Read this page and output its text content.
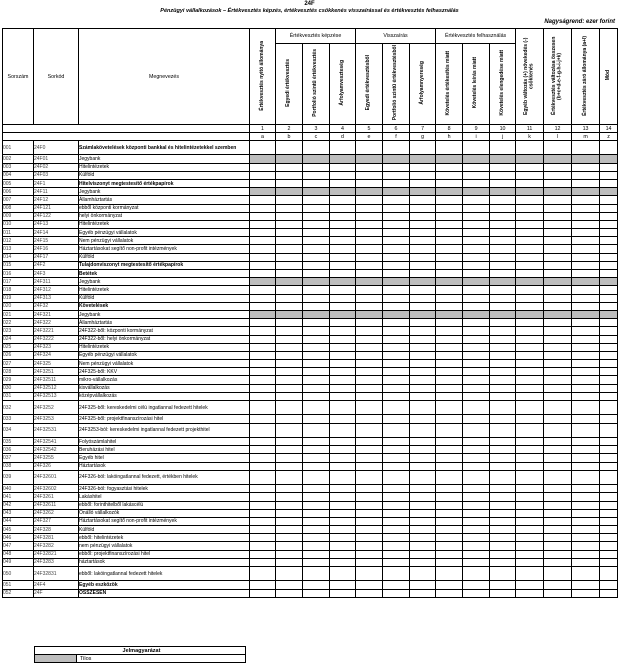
24F
Pénzügyi vállalkozások – Értékvesztés képzés, értékvesztés csökkenés visszaírással és értékvesztés felhasználás
Nagyságrend: ezer forint
Sorszám	Sorkód	Megnevezés	Értékvesztés nyitó állománya	Értékvesztés képzése			Visszaírás			Értékvesztés felhasználás			Egyéb változás (+) növekedés (-) csökkenés	Értékvesztés változása összesen (b+c+d-e-f-g-h-i-j+k)	Értékvesztés záró állománya (a+l)	Mód
				Egyedi értékvesztés	Portfolió szintű értékvesztés	Árfolyamveszteség	Egyedi értékvesztésből	Portfolió szintű értékvesztésből	Árfolyamnyereség	Követelés értékesítés miatt	Követelés leírás miatt	Követelés elengedése miatt				
			1	2	3	4	5	6	7	8	9	10	11	12	13	14
			a	b	c	d	e	f	g	h	i	j	k	l	m	z
001	24F0	Számlakövetelések központi bankkal és hitelintézetekkel szemben														
002	24F01	Jegybank														
003	24F02	Hitelintézetek														
004	24F03	Külföld														
005	24F1	Hitelviszonyt megtestesítő értékpapírok														
006	24F11	Jegybank														
007	24F12	Államháztartás														
008	24F121	ebből központi kormányzat														
009	24F122	helyi önkormányzat														
010	24F13	Hitelintézetek														
011	24F14	Egyéb pénzügyi vállalatok														
012	24F15	Nem pénzügyi vállalatok														
013	24F16	Háztartásokat segítő non-profit intézmények														
014	24F17	Külföld														
015	24F2	Tulajdonviszonyt megtestesítő értékpapírok														
016	24F3	Betétek														
017	24F311	Jegybank														
018	24F312	Hitelintézetek														
019	24F313	Külföld														
020	24F32	Követelések														
021	24F321	Jegybank														
022	24F322	Államháztartás														
023	24F3221	24F322-ből: központi kormányzat														
024	24F3222	24F322-ből: helyi önkormányzat														
025	24F323	Hitelintézetek														
026	24F324	Egyéb pénzügyi vállalatok														
027	24F325	Nem pénzügyi vállalatok														
028	24F3251	24F325-ből: KKV														
029	24F32511	mikro-vállalkozás														
030	24F32512	kisvállalkozás														
031	24F32513	középvállalkozás														
032	24F3252	24F325-ből: kereskedelmi célú ingatlannal fedezett hitelek														
033	24F3253	24F325-ből: projektfinanszírozási hitel														
034	24F32531	24F3253-ból: kereskedelmi ingatlannal fedezett projekthitel														
035	24F32541	Folyószámlahitel														
036	24F32542	Beruházási hitel														
037	24F3255	Egyéb hitel														
038	24F326	Háztartások														
039	24F32601	24F326-ból: lakóingatlannal fedezett, értékben hitelek														
040	24F32602	24F326-ból: fogyasztási hitelek														
041	24F3261	Lakáshitel														
042	24F32611	ebből: forinthitelből lakáscélú														
043	24F3262	Önálló vállalkozók														
044	24F327	Háztartásokat segítő non-profit intézmények														
045	24F328	Külföld														
046	24F3281	ebből: hitelintézetek														
047	24F3282	nem pénzügyi vállalatok														
048	24F32821	ebből: projektfinanszírozási hitel														
049	24F3283	háztartások														
050	24F32831	ebből: lakóingatlannal fedezett hitelek														
051	24F4	Egyéb eszközök														
052	24F	ÖSSZESEN														
Jelmagyarázat
	Tilos
